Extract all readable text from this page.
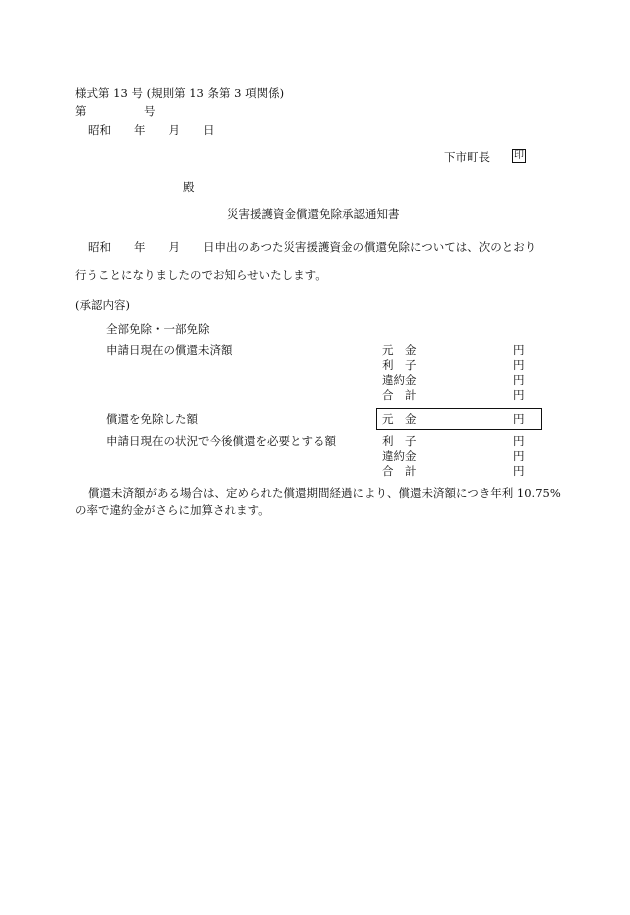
様式第 13 号 (規則第 13 条第 3 項関係)
第　　　　　号
昭和　　年　　月　　日
下市町長 印
殿
災害援護資金償還免除承認通知書
昭和　　年　　月　　日申出のあつた災害援護資金の償還免除については、次のとおり
行うことになりましたのでお知らせいたします。
(承認内容)
全部免除・一部免除
申請日現在の償還未済額	元　金	円
利　子	円
違約金	円
合　計	円
償還を免除した額	元　金	円
申請日現在の状況で今後償還を必要とする額	利　子	円
違約金	円
合　計	円
償還未済額がある場合は、定められた償還期間経過により、償還未済額につき年利 10.75%
の率で違約金がさらに加算されます。
